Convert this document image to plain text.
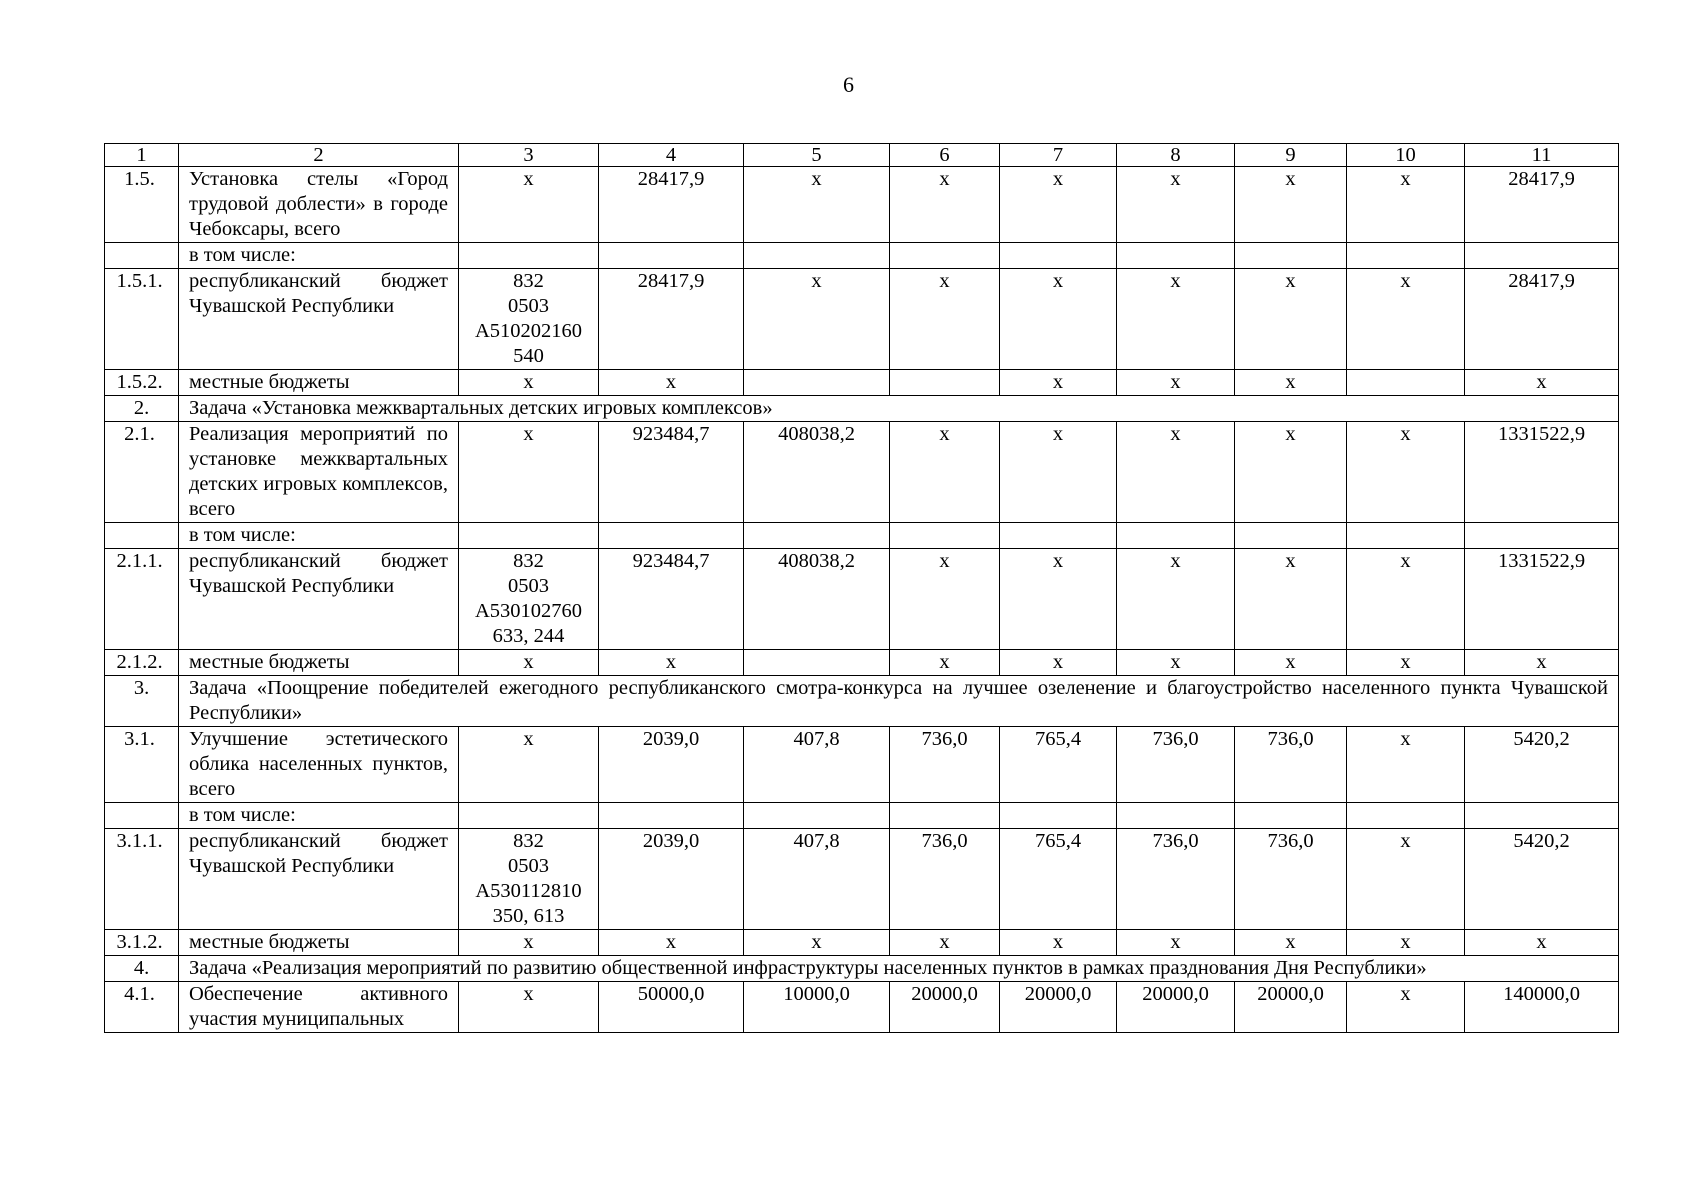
6
1	2	3	4	5	6	7	8	9	10	11
1.5.	Установка стелы «Город трудовой доблести» в городе Чебоксары, всего	x	28417,9	x	x	x	x	x	x	28417,9
	в том числе:									
1.5.1.	республиканский бюджет Чувашской Республики	832
0503
А510202160
540	28417,9	x	x	x	x	x	x	28417,9
1.5.2.	местные бюджеты	x	x			x	x	x		x
2.	Задача «Установка межквартальных детских игровых комплексов»									
2.1.	Реализация мероприятий по установке межквартальных детских игровых комплексов, всего	x	923484,7	408038,2	x	x	x	x	x	1331522,9
	в том числе:									
2.1.1.	республиканский бюджет Чувашской Республики	832
0503
А530102760
633, 244	923484,7	408038,2	x	x	x	x	x	1331522,9
2.1.2.	местные бюджеты	x	x		x	x	x	x	x	x
3.	Задача «Поощрение победителей ежегодного республиканского смотра-конкурса на лучшее озеленение и благоустройство населенного пункта Чувашской Республики»									
3.1.	Улучшение эстетического облика населенных пунктов, всего	x	2039,0	407,8	736,0	765,4	736,0	736,0	x	5420,2
	в том числе:									
3.1.1.	республиканский бюджет Чувашской Республики	832
0503
А530112810
350, 613	2039,0	407,8	736,0	765,4	736,0	736,0	x	5420,2
3.1.2.	местные бюджеты	x	x	x	x	x	x	x	x	x
4.	Задача «Реализация мероприятий по развитию общественной инфраструктуры населенных пунктов в рамках празднования Дня Республики»									
4.1.	Обеспечение активного участия муниципальных	x	50000,0	10000,0	20000,0	20000,0	20000,0	20000,0	x	140000,0
